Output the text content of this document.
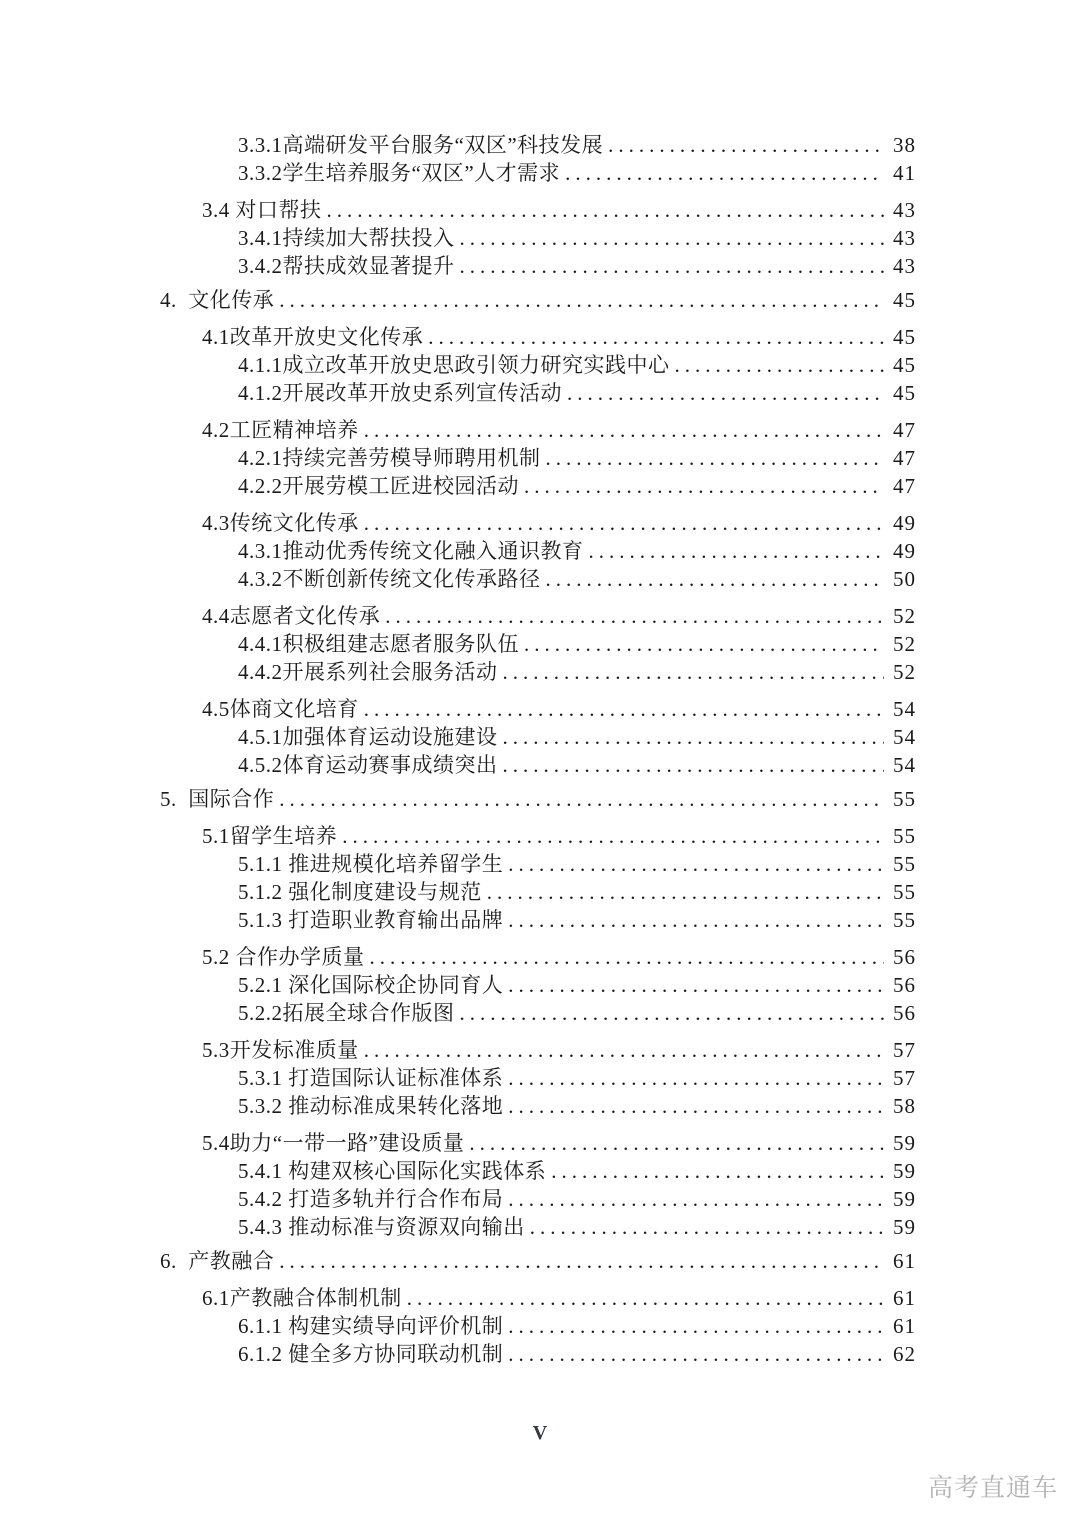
3.3.1高端研发平台服务“双区”科技发展 .....	38
3.3.2学生培养服务“双区”人才需求 .....	41
3.4 对口帮扶 .....	43
3.4.1持续加大帮扶投入 .....	43
3.4.2帮扶成效显著提升 .....	43
4.  文化传承 .....	45
4.1改革开放史文化传承 .....	45
4.1.1成立改革开放史思政引领力研究实践中心 .....	45
4.1.2开展改革开放史系列宣传活动 .....	45
4.2工匠精神培养 .....	47
4.2.1持续完善劳模导师聘用机制 .....	47
4.2.2开展劳模工匠进校园活动 .....	47
4.3传统文化传承 .....	49
4.3.1推动优秀传统文化融入通识教育 .....	49
4.3.2不断创新传统文化传承路径 .....	50
4.4志愿者文化传承 .....	52
4.4.1积极组建志愿者服务队伍 .....	52
4.4.2开展系列社会服务活动 .....	52
4.5体商文化培育 .....	54
4.5.1加强体育运动设施建设 .....	54
4.5.2体育运动赛事成绩突出 .....	54
5.  国际合作 .....	55
5.1留学生培养 .....	55
5.1.1 推进规模化培养留学生 .....	55
5.1.2 强化制度建设与规范 .....	55
5.1.3 打造职业教育输出品牌 .....	55
5.2 合作办学质量 .....	56
5.2.1 深化国际校企协同育人 .....	56
5.2.2拓展全球合作版图 .....	56
5.3开发标准质量 .....	57
5.3.1 打造国际认证标准体系 .....	57
5.3.2 推动标准成果转化落地 .....	58
5.4助力“一带一路”建设质量 .....	59
5.4.1 构建双核心国际化实践体系 .....	59
5.4.2 打造多轨并行合作布局 .....	59
5.4.3 推动标准与资源双向输出 .....	59
6.  产教融合 .....	61
6.1产教融合体制机制 .....	61
6.1.1 构建实绩导向评价机制 .....	61
6.1.2 健全多方协同联动机制 .....	62
V
高考直通车
